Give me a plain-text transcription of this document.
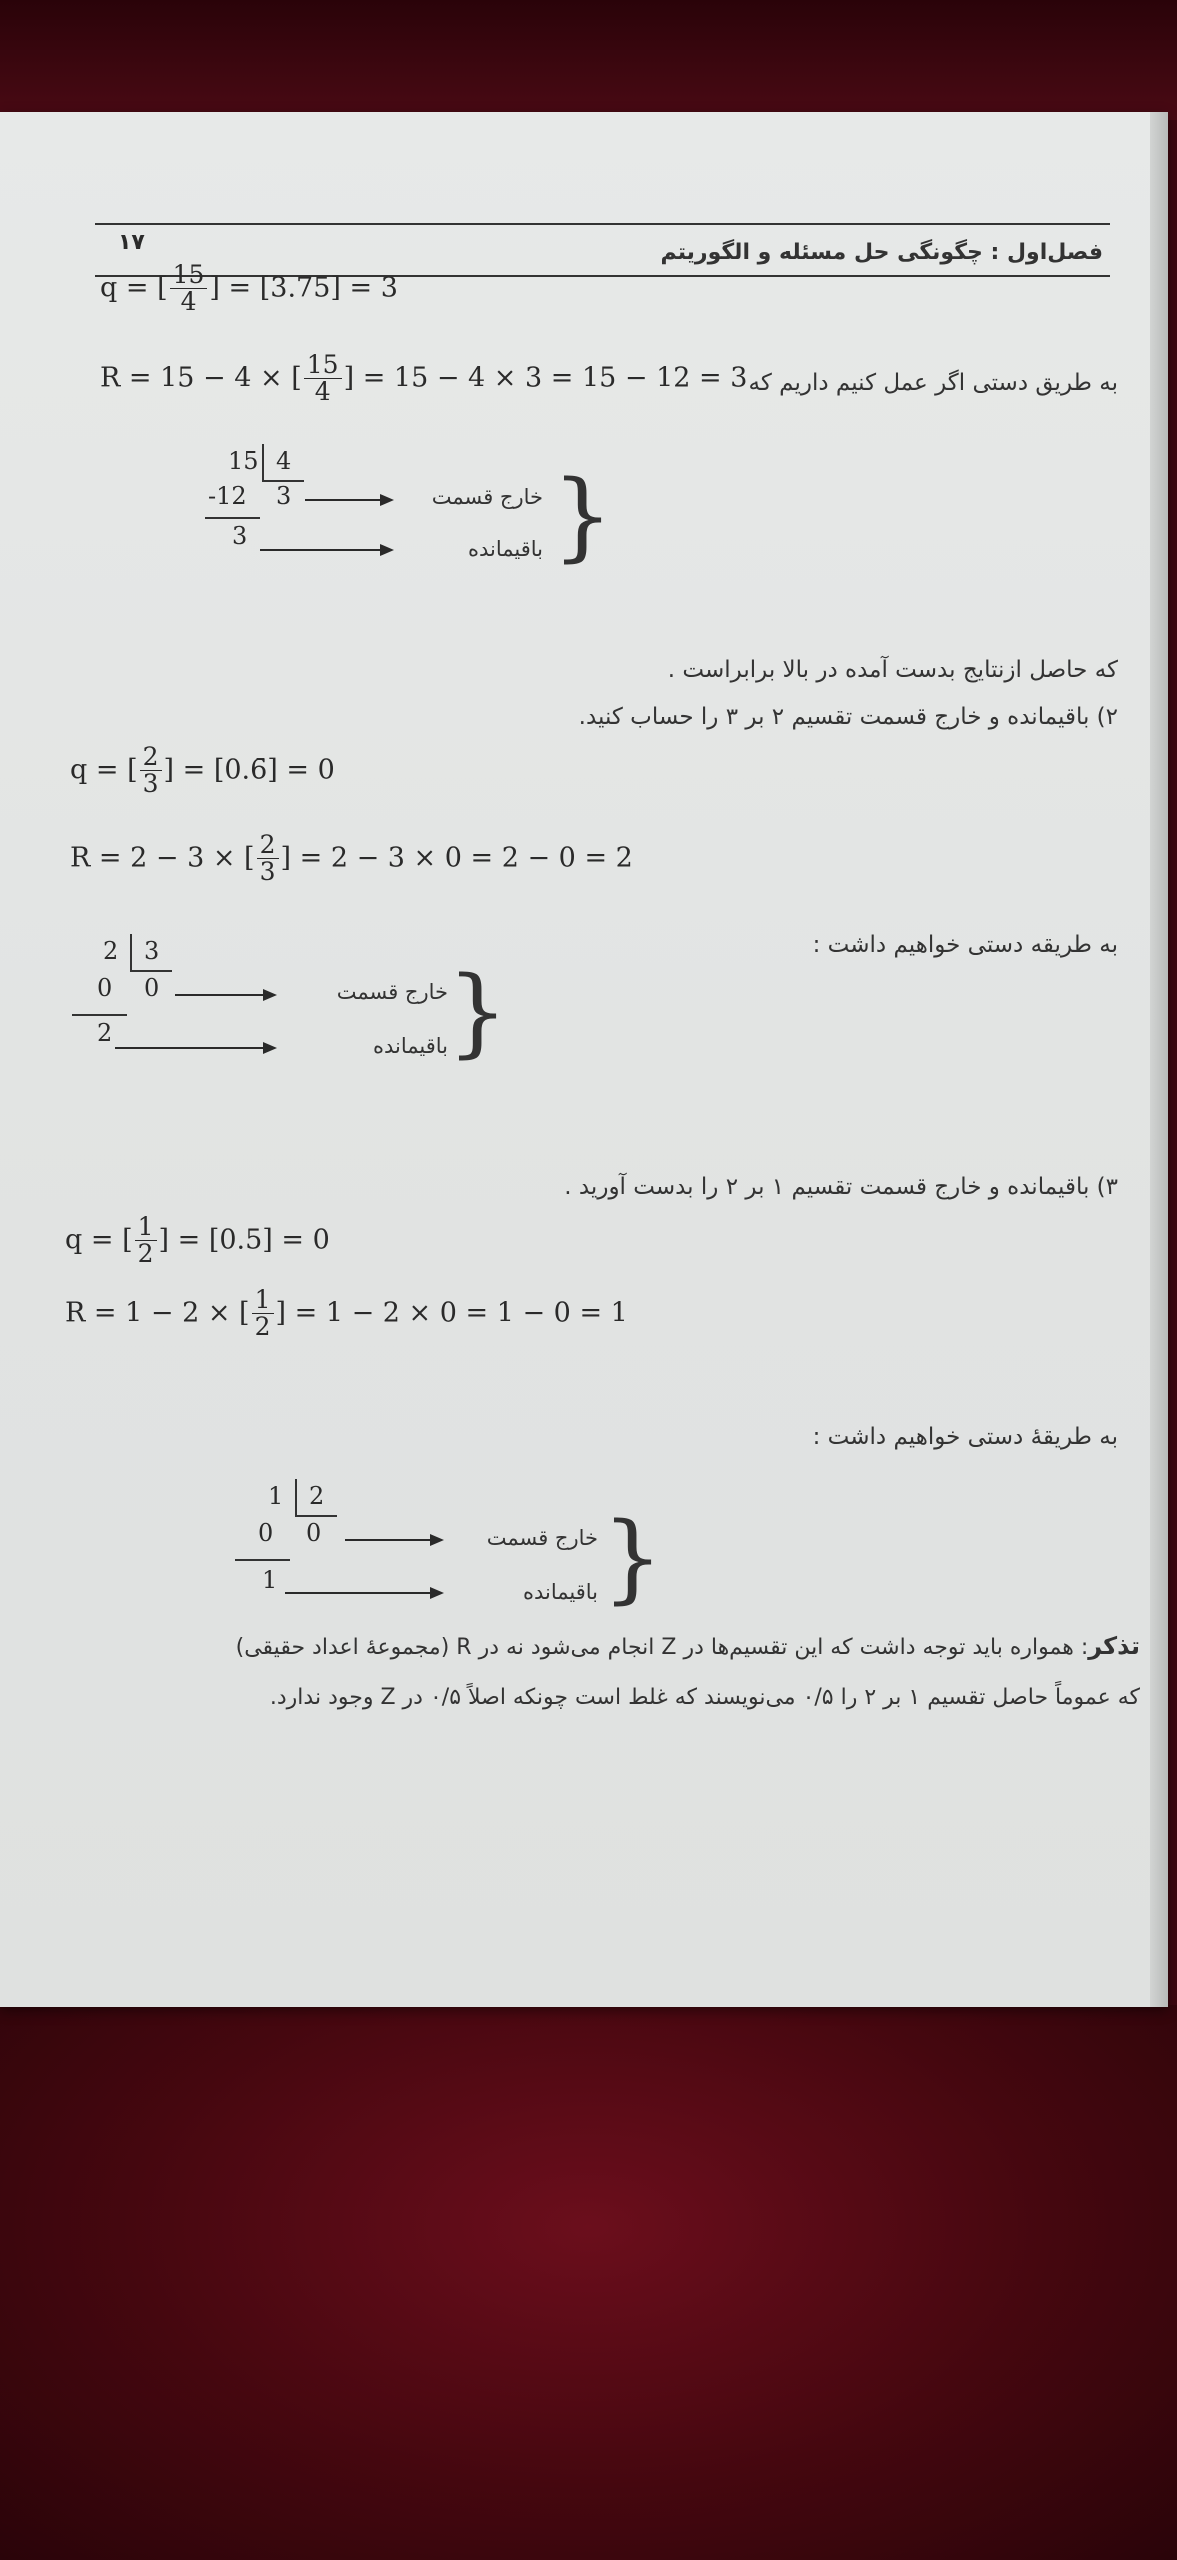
۱۷	فصل‌اول : چگونگی حل مسئله و الگوریتم
q = [ $\frac{15}{4}$ ] = [3.75] = 3
به طریق دستی اگر عمل کنیم داریم که
R = 15 − 4 × [ $\frac{15}{4}$ ] = 15 − 4 × 3 = 15 − 12 = 3
15 4
-12 3
3
خارج قسمت
باقیمانده }
که حاصل ازنتایج بدست آمده در بالا برابراست .
۲) باقیمانده و خارج قسمت تقسیم ۲ بر ۳ را حساب کنید.
q = [ $\frac{2}{3}$ ] = [0.6̄] = 0
R = 2 − 3 × [ $\frac{2}{3}$ ] = 2 − 3 × 0 = 2 − 0 = 2
به طریقه دستی خواهیم داشت :
2 3
0 0
2
خارج قسمت
باقیمانده }
۳) باقیمانده و خارج قسمت تقسیم ۱ بر ۲ را بدست آورید .
q = [ $\frac{1}{2}$ ] = [0.5] = 0
R = 1 − 2 × [ $\frac{1}{2}$ ] = 1 − 2 × 0 = 1 − 0 = 1
به طریقهٔ دستی خواهیم داشت :
1 2
0 0
1
خارج قسمت
باقیمانده }
تذکر: همواره باید توجه داشت که این تقسیم‌ها در Z انجام می‌شود نه در R (مجموعهٔ اعداد حقیقی)
که عموماً حاصل تقسیم ۱ بر ۲ را ۰/۵ می‌نویسند که غلط است چونکه اصلاً ۰/۵ در Z وجود ندارد.
